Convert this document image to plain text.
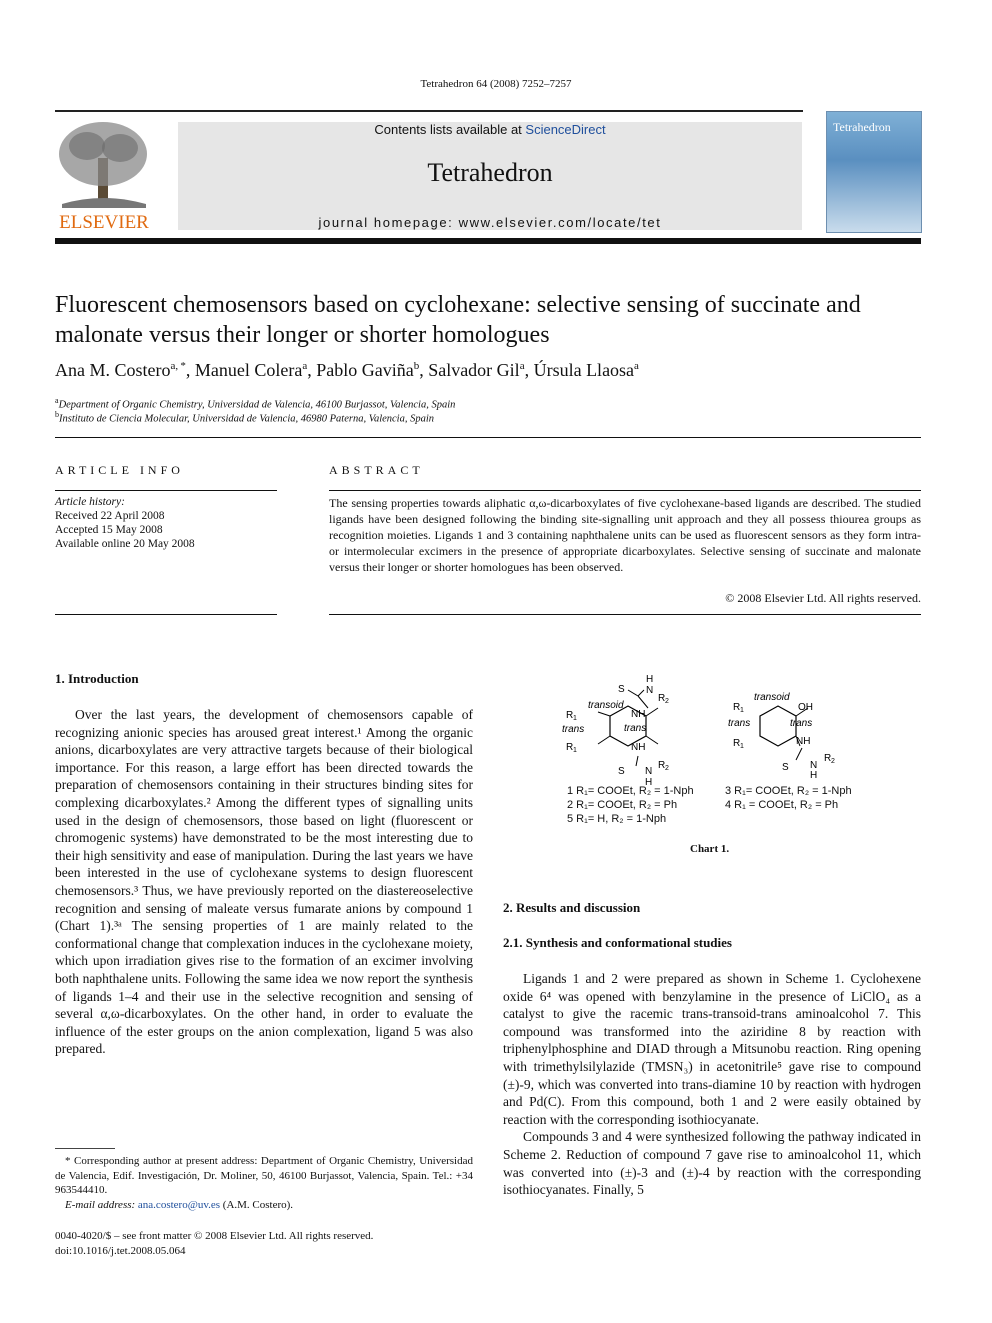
Tetrahedron 64 (2008) 7252–7257
ELSEVIER
Contents lists available at ScienceDirect
Tetrahedron
journal homepage: www.elsevier.com/locate/tet
Tetrahedron
Fluorescent chemosensors based on cyclohexane: selective sensing of succinate and malonate versus their longer or shorter homologues
Ana M. Costero$^{a, *}$, Manuel Colera$^a$, Pablo Gaviña$^b$, Salvador Gil$^a$, Úrsula Llaosa$^a$
$^a$Department of Organic Chemistry, Universidad de Valencia, 46100 Burjassot, Valencia, Spain
$^b$Instituto de Ciencia Molecular, Universidad de Valencia, 46980 Paterna, Valencia, Spain
ARTICLE INFO
Article history:
Received 22 April 2008
Accepted 15 May 2008
Available online 20 May 2008
ABSTRACT
The sensing properties towards aliphatic α,ω-dicarboxylates of five cyclohexane-based ligands are described. The studied ligands have been designed following the binding site-signalling unit approach and they all possess thiourea groups as recognition moieties. Ligands 1 and 3 containing naphthalene units can be used as fluorescent sensors as they form intra- or intermolecular excimers in the presence of appropriate dicarboxylates. Selective sensing of succinate and malonate versus their longer or shorter homologues has been observed.
© 2008 Elsevier Ltd. All rights reserved.
1. Introduction

Over the last years, the development of chemosensors capable of recognizing anionic species has aroused great interest.¹ Among the organic anions, dicarboxylates are very attractive targets because of their biological importance. For this reason, a large effort has been directed towards the preparation of chemosensors containing in their structures binding sites for complexing dicarboxylates.² Among the different types of signalling units used in the design of chemosensors, those based on light (fluorescent or chromogenic systems) have demonstrated to be the most interesting due to their high sensitivity and ease of manipulation. During the last years we have been interested in the use of cyclohexane systems to design fluorescent chemosensors.³ Thus, we have previously reported on the diastereoselective recognition and sensing of maleate versus fumarate anions by compound 1 (Chart 1).³ᵃ The sensing properties of 1 are mainly related to the conformational change that complexation induces in the cyclohexane moiety, which upon irradiation gives rise to the formation of an excimer involving both naphthalene units. Following the same idea we now report the synthesis of ligands 1–4 and their use in the selective recognition and sensing of several α,ω-dicarboxylates. On the other hand, in order to evaluate the influence of the ester groups on the anion complexation, ligand 5 was also prepared.

* Corresponding author at present address: Department of Organic Chemistry, Universidad de Valencia, Edif. Investigación, Dr. Moliner, 50, 46100 Burjassot, Valencia, Spain. Tel.: +34 963544410.
E-mail address: ana.costero@uv.es (A.M. Costero).
0040-4020/$ – see front matter © 2008 Elsevier Ltd. All rights reserved.
doi:10.1016/j.tet.2008.05.064
H
S N
R 2
transoid
NH
R 1
trans	trans
R 1	NH
S N
H
R 2
transoid
R 1	OH
trans	trans
R 1	NH
S N
H
R 2
1 R₁= COOEt, R₂ = 1-Nph
2 R₁= COOEt, R₂ = Ph
5 R₁= H, R₂ = 1-Nph
3 R₁= COOEt, R₂ = 1-Nph
4 R₁ = COOEt, R₂ = Ph
Chart 1.
2. Results and discussion
2.1. Synthesis and conformational studies

Ligands 1 and 2 were prepared as shown in Scheme 1. Cyclohexene oxide 6⁴ was opened with benzylamine in the presence of LiClO₄ as a catalyst to give the racemic trans-transoid-trans aminoalcohol 7. This compound was transformed into the aziridine 8 by reaction with triphenylphosphine and DIAD through a Mitsunobu reaction. Ring opening with trimethylsilylazide (TMSN₃) in acetonitrile⁵ gave rise to compound (±)-9, which was converted into trans-diamine 10 by reaction with hydrogen and Pd(C). From this compound, both 1 and 2 were easily obtained by reaction with the corresponding isothiocyanate.

Compounds 3 and 4 were synthesized following the pathway indicated in Scheme 2. Reduction of compound 7 gave rise to aminoalcohol 11, which was converted into (±)-3 and (±)-4 by reaction with the corresponding isothiocyanates. Finally, 5
